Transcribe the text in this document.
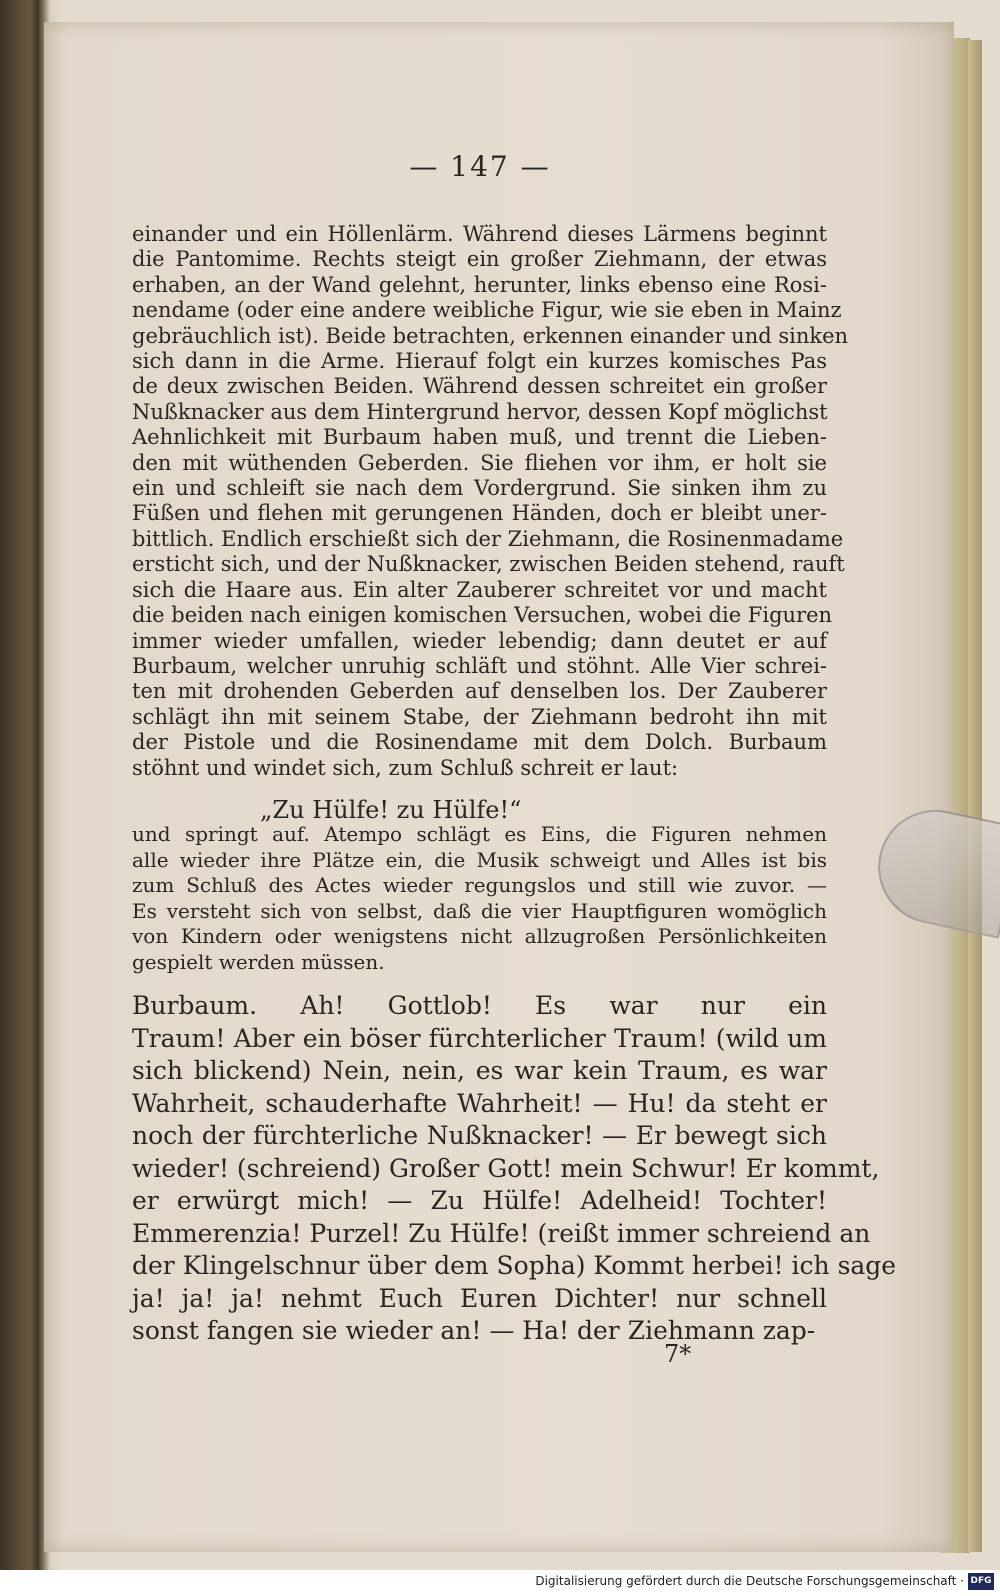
— 147 —
einander und ein Höllenlärm. Während dieses Lärmens beginnt
die Pantomime. Rechts steigt ein großer Ziehmann, der etwas
erhaben, an der Wand gelehnt, herunter, links ebenso eine Rosi-
nendame (oder eine andere weibliche Figur, wie sie eben in Mainz
gebräuchlich ist). Beide betrachten, erkennen einander und sinken
sich dann in die Arme. Hierauf folgt ein kurzes komisches Pas
de deux zwischen Beiden. Während dessen schreitet ein großer
Nußknacker aus dem Hintergrund hervor, dessen Kopf möglichst
Aehnlichkeit mit Burbaum haben muß, und trennt die Lieben-
den mit wüthenden Geberden. Sie fliehen vor ihm, er holt sie
ein und schleift sie nach dem Vordergrund. Sie sinken ihm zu
Füßen und flehen mit gerungenen Händen, doch er bleibt uner-
bittlich. Endlich erschießt sich der Ziehmann, die Rosinenmadame
ersticht sich, und der Nußknacker, zwischen Beiden stehend, rauft
sich die Haare aus. Ein alter Zauberer schreitet vor und macht
die beiden nach einigen komischen Versuchen, wobei die Figuren
immer wieder umfallen, wieder lebendig; dann deutet er auf
Burbaum, welcher unruhig schläft und stöhnt. Alle Vier schrei-
ten mit drohenden Geberden auf denselben los. Der Zauberer
schlägt ihn mit seinem Stabe, der Ziehmann bedroht ihn mit
der Pistole und die Rosinendame mit dem Dolch. Burbaum
stöhnt und windet sich, zum Schluß schreit er laut:
„Zu Hülfe! zu Hülfe!“
und springt auf. Atempo schlägt es Eins, die Figuren nehmen
alle wieder ihre Plätze ein, die Musik schweigt und Alles ist bis
zum Schluß des Actes wieder regungslos und still wie zuvor. —
Es versteht sich von selbst, daß die vier Hauptfiguren womöglich
von Kindern oder wenigstens nicht allzugroßen Persönlichkeiten
gespielt werden müssen.
Burbaum. Ah! Gottlob! Es war nur ein
Traum! Aber ein böser fürchterlicher Traum! (wild um
sich blickend) Nein, nein, es war kein Traum, es war
Wahrheit, schauderhafte Wahrheit! — Hu! da steht er
noch der fürchterliche Nußknacker! — Er bewegt sich
wieder! (schreiend) Großer Gott! mein Schwur! Er kommt,
er erwürgt mich! — Zu Hülfe! Adelheid! Tochter!
Emmerenzia! Purzel! Zu Hülfe! (reißt immer schreiend an
der Klingelschnur über dem Sopha) Kommt herbei! ich sage
ja! ja! ja! nehmt Euch Euren Dichter! nur schnell
sonst fangen sie wieder an! — Ha! der Ziehmann zap-
7*
Digitalisierung gefördert durch die Deutsche Forschungsgemeinschaft · DFG
